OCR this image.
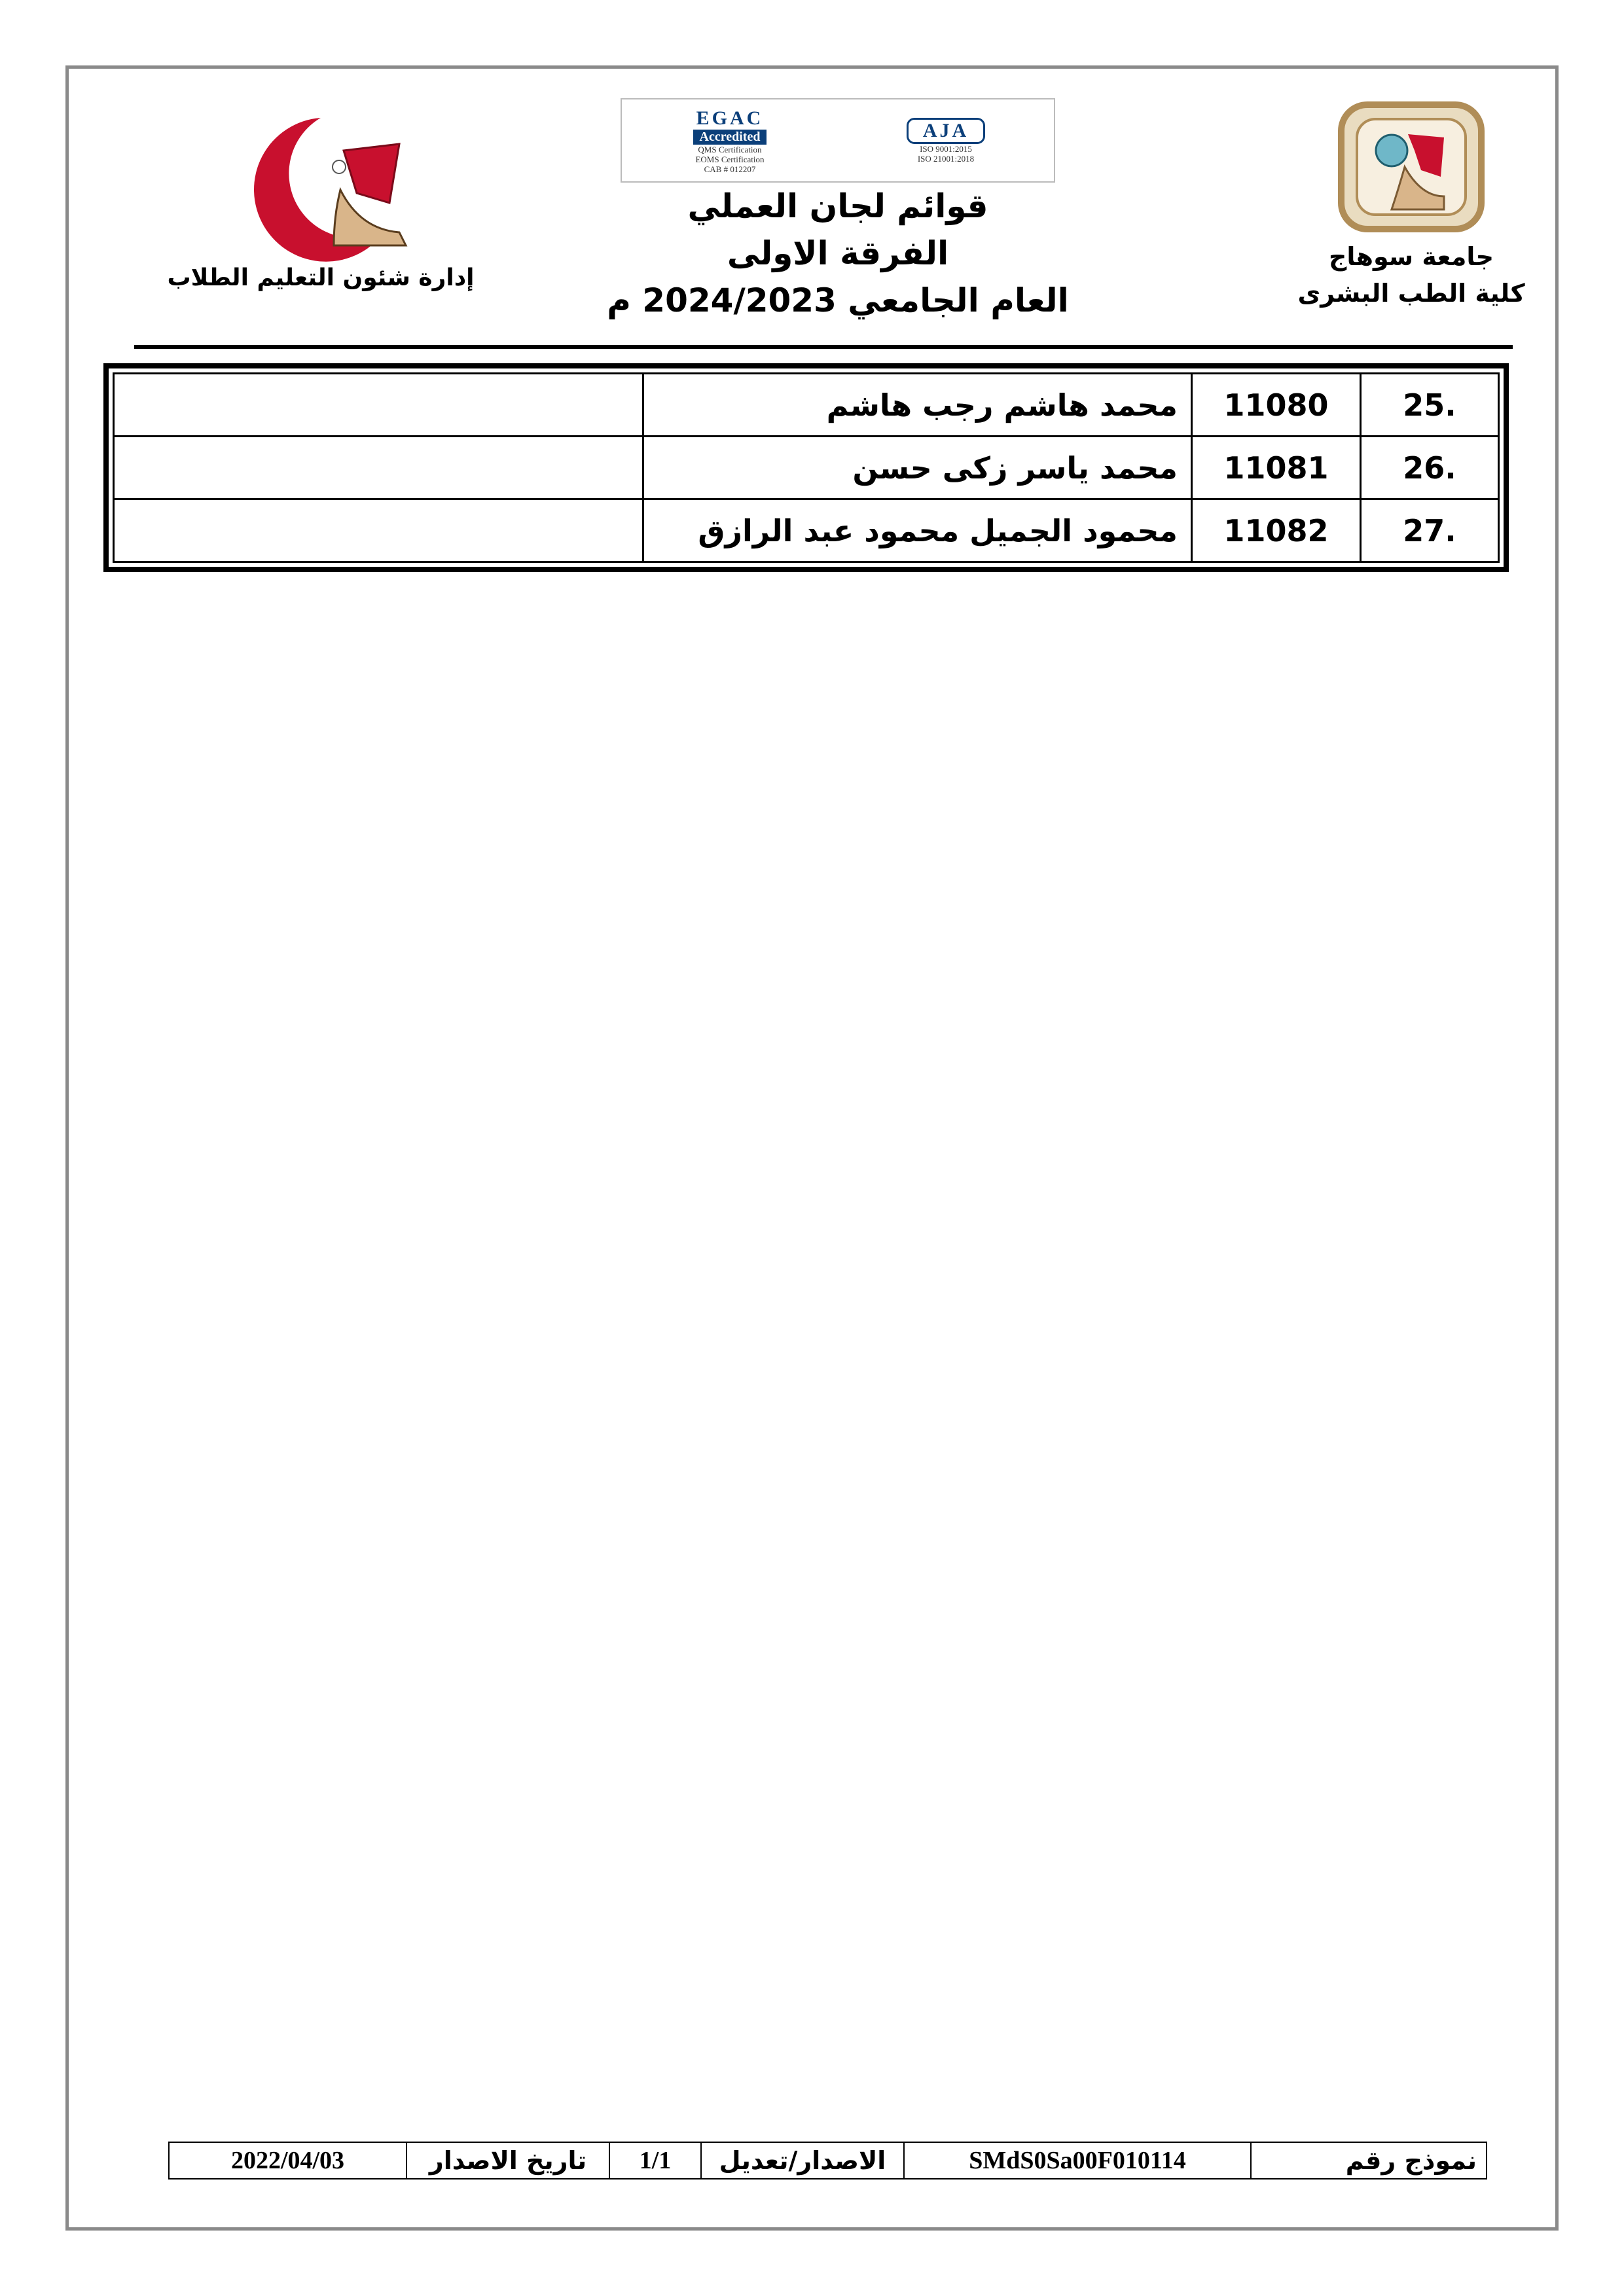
جامعة سوهاج
كلية الطب البشرى
EGAC
Accredited
QMS Certification
EOMS Certification
CAB # 012207
AJA
ISO 9001:2015
ISO 21001:2018
قوائم لجان العملي
الفرقة الاولى
العام الجامعي 2024/2023 م
إدارة شئون التعليم الطلاب
.25	11080	محمد هاشم رجب هاشم	
.26	11081	محمد ياسر زكى حسن	
.27	11082	محمود الجميل محمود عبد الرازق	
نموذج رقم	SMdS0Sa00F010114	الاصدار/تعديل	1/1	تاريخ الاصدار	2022/04/03
